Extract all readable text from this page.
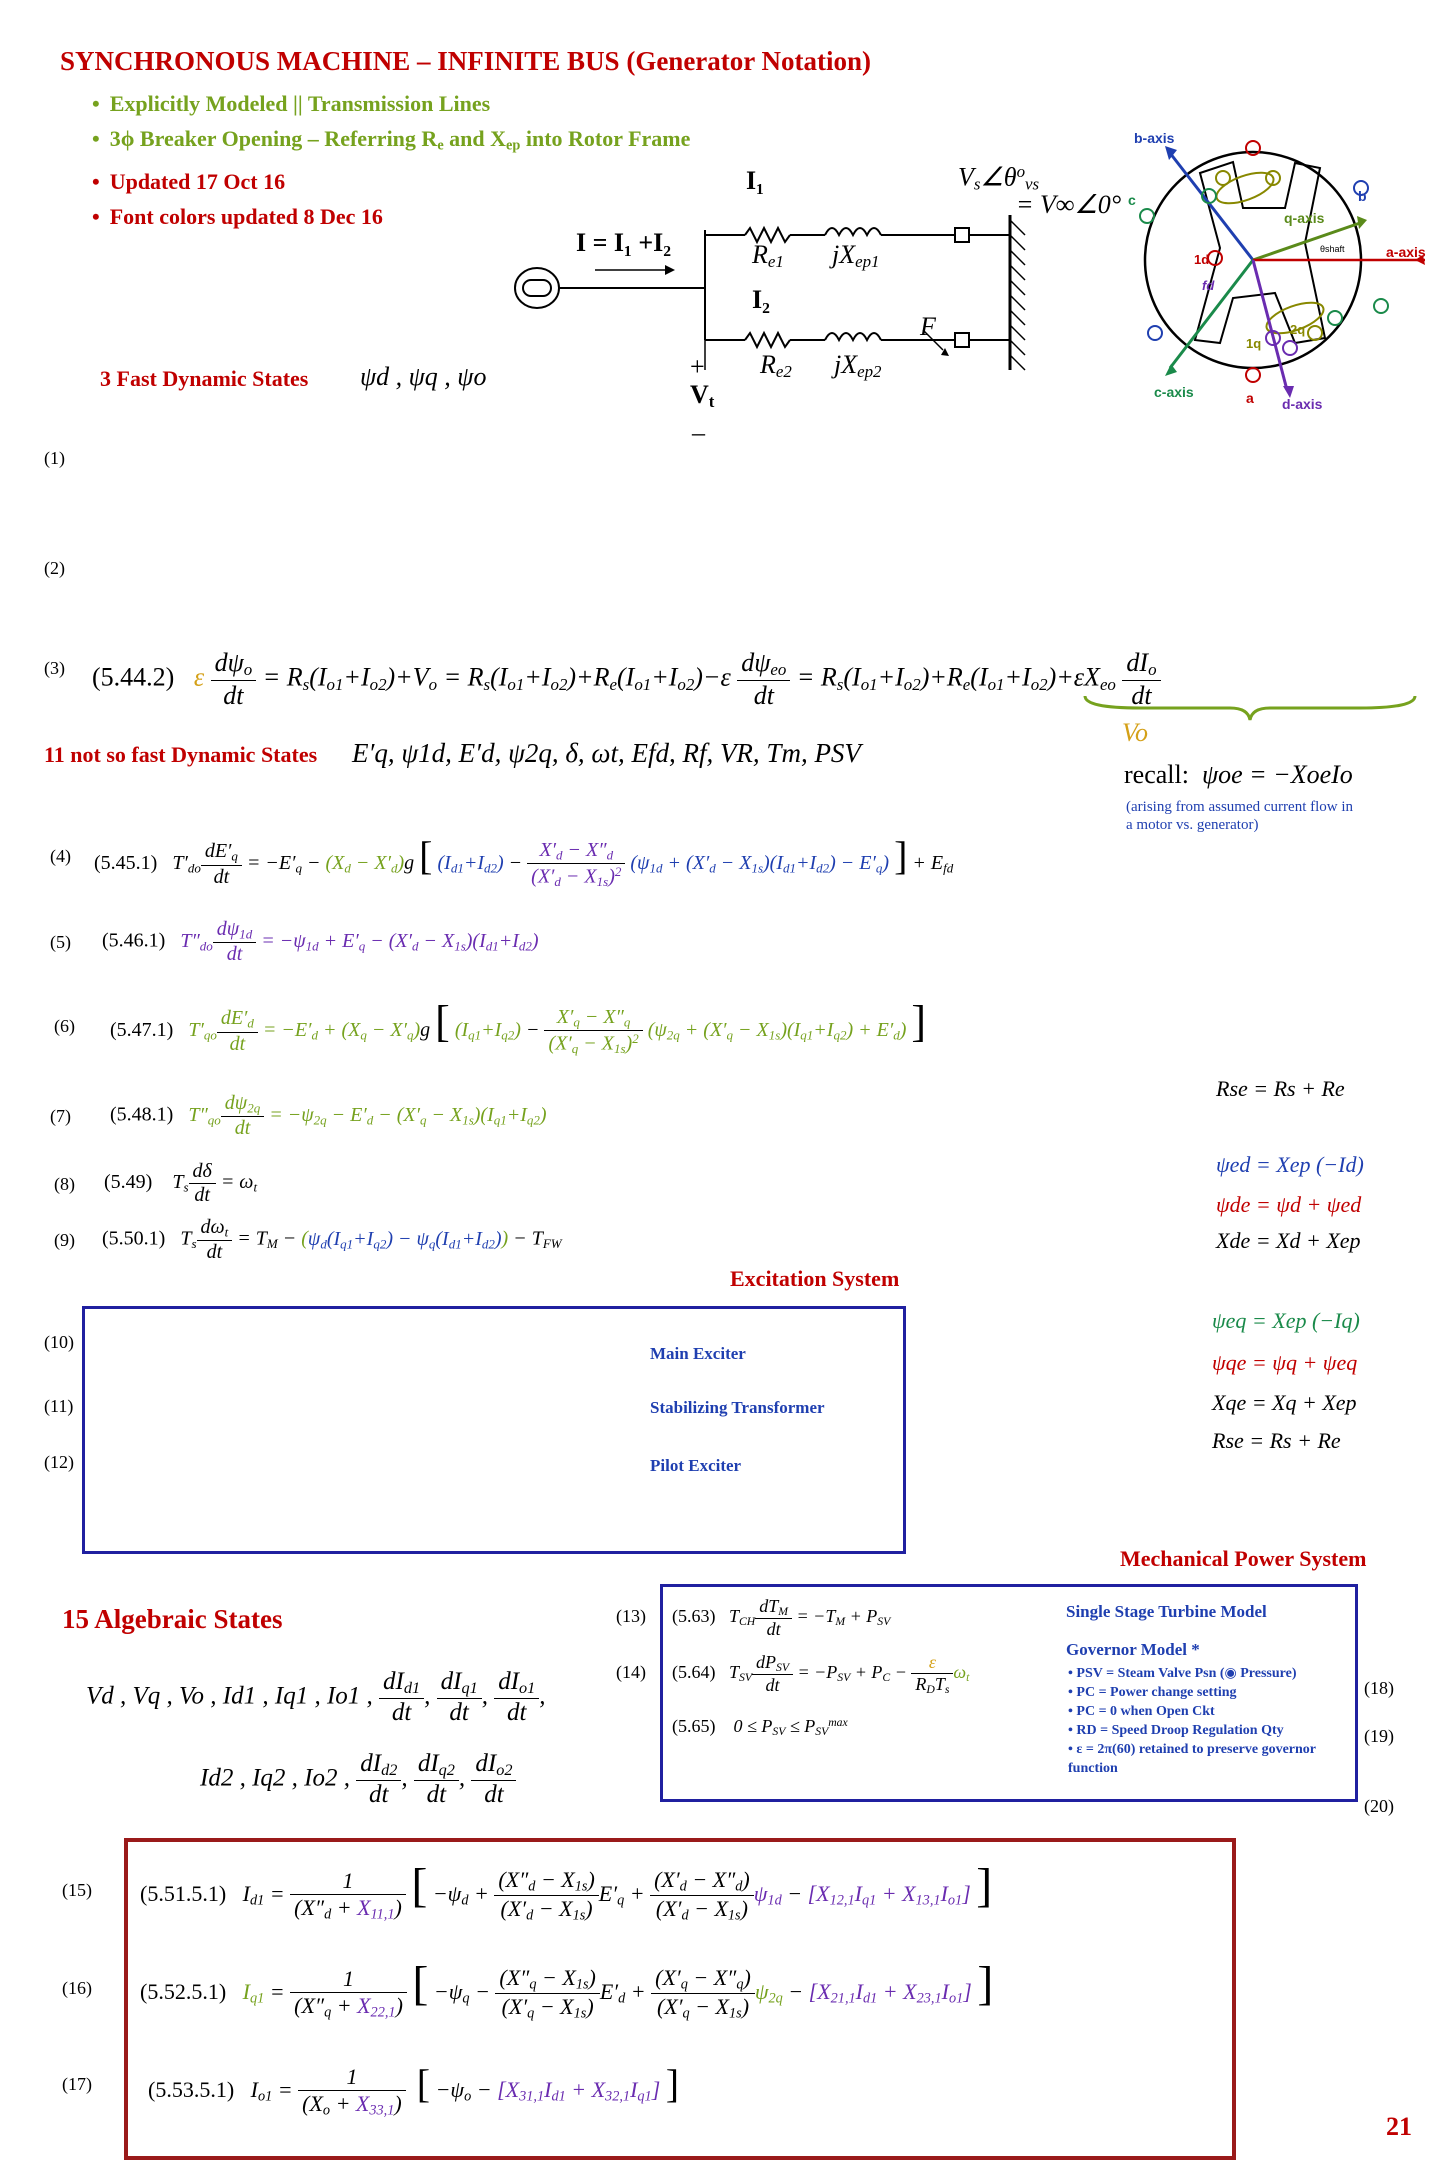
SYNCHRONOUS MACHINE – INFINITE BUS (Generator Notation)
• Explicitly Modeled || Transmission Lines
• 3ϕ Breaker Opening – Referring $R_e$ and $X_{ep}$ into Rotor Frame
• Updated 17 Oct 16
• Font colors updated 8 Dec 16
I = I₁ +I₂
I₁
I₂
$R_{e1}$ $jX_{ep1}$
$R_{e2}$ $jX_{ep2}$
F
+
$V_t$
–
$V_s\angle\theta^o_{vs}$
= V∞∠0°
b-axis
q-axis
a-axis
c-axis
d-axis
c	b
a
1d
fd
1q
2q
θshaft
3 Fast Dynamic States ψd , ψq , ψo
(1)
(2)
(3)
(4)
(5)
(6)
(7)
(8)
(9)
(10)
(11)
(12)
(13)
(14)
(15)
(16)
(17)
(18)
(19)
(20)
(5.44.2) ε $\frac{d\psi_o}{dt} = R_s(I_{o1}+I_{o2})+V_o = R_s(I_{o1}+I_{o2})+R_e(I_{o1}+I_{o2})-\varepsilon \frac{d\psi_{eo}}{dt} = R_s(I_{o1}+I_{o2})+R_e(I_{o1}+I_{o2})+\varepsilon X_{eo} \frac{dI_o}{dt}$
Vo
11 not so fast Dynamic States E′q, ψ1d, E′d, ψ2q, δ, ωt, Efd, Rf, VR, Tm, PSV
recall: ψoe = −XoeIo
(arising from assumed current flow in a motor vs. generator)
(5.45.1)   $T'_{do} \frac{dE'_q}{dt} = -E'_q - (X_d - X'_d)g$ [ $(I_{d1}+I_{d2}) - \frac{X'_d - X''_d}{(X'_d - X_{1s})^2} (\psi_{1d} + (X'_d - X_{1s})(I_{d1}+I_{d2}) - E'_q)$ ] + $E_{fd}$
(5.46.1) $T''_{do} \frac{d\psi_{1d}}{dt} = -\psi_{1d} + E'_q - (X'_d - X_{1s})(I_{d1}+I_{d2})$
(5.47.1) $T'_{qo} \frac{dE'_d}{dt} = -E'_d + (X_q - X'_q)g$ [ $(I_{q1}+I_{q2}) - \frac{X'_q - X''_q}{(X'_q - X_{1s})^2} (\psi_{2q} + (X'_q - X_{1s})(I_{q1}+I_{q2}) + E'_d)$ ]
(5.48.1) $T''_{qo} \frac{d\psi_{2q}}{dt} = -\psi_{2q} - E'_d - (X'_q - X_{1s})(I_{q1}+I_{q2})$
(5.49)    $T_s \frac{d\delta}{dt} = \omega_t$
(5.50.1)   $T_s \frac{d\omega_t}{dt} = T_M - (\psi_d(I_{q1}+I_{q2}) - \psi_q(I_{d1}+I_{d2})) - T_{FW}$
Rse = Rs + Re
ψed = Xep (−Id)
ψde = ψd + ψed
Xde = Xd + Xep
ψeq = Xep (−Iq)
ψqe = ψq + ψeq
Xqe = Xq + Xep
Rse = Rs + Re
Excitation System
Main Exciter
Stabilizing Transformer
Pilot Exciter
Mechanical Power System
(5.63)   $T_{CH} \frac{dT_M}{dt} = -T_M + P_{SV}$
(5.64)   $T_{SV} \frac{dP_{SV}}{dt} = -P_{SV} + P_C - \frac{\varepsilon}{R_DT_s} \omega_t$
(5.65)    $0 \le P_{SV} \le P_{SV}^{max}$
Single Stage Turbine Model
Governor Model *
• PSV = Steam Valve Psn (◉ Pressure)
• PC = Power change setting
• PC = 0 when Open Ckt
• RD = Speed Droop Regulation Qty
• ε = 2π(60) retained to preserve governor function
15 Algebraic States
Vd , Vq , Vo , Id1 , Iq1 , Io1 , $\frac{dI_{d1}}{dt}$ , $\frac{dI_{q1}}{dt}$ , $\frac{dI_{o1}}{dt}$ ,
Id2 , Iq2 , Io2 , $\frac{dI_{d2}}{dt}$ , $\frac{dI_{q2}}{dt}$ , $\frac{dI_{o2}}{dt}$
(5.51.5.1)   $I_{d1} = \frac{1}{(X''_d + X_{11,1})}$ [ $-\psi_d + \frac{(X''_d - X_{1s})}{(X'_d - X_{1s})} E'_q + \frac{(X'_d - X''_d)}{(X'_d - X_{1s})} \psi_{1d} - [X_{12,1}I_{q1} + X_{13,1}I_{o1}]$ ]
(5.52.5.1) $I_{q1} = \frac{1}{(X''_q + X_{22,1})}$ [ $-\psi_q - \frac{(X''_q - X_{1s})}{(X'_q - X_{1s})} E'_d + \frac{(X'_q - X''_q)}{(X'_q - X_{1s})} \psi_{2q} - [X_{21,1}I_{d1} + X_{23,1}I_{o1}]$ ]
(5.53.5.1)   $I_{o1} = \frac{1}{(X_o + X_{33,1})}$ [ $-\psi_o - [X_{31,1}I_{d1} + X_{32,1}I_{q1}]$ ]
21
